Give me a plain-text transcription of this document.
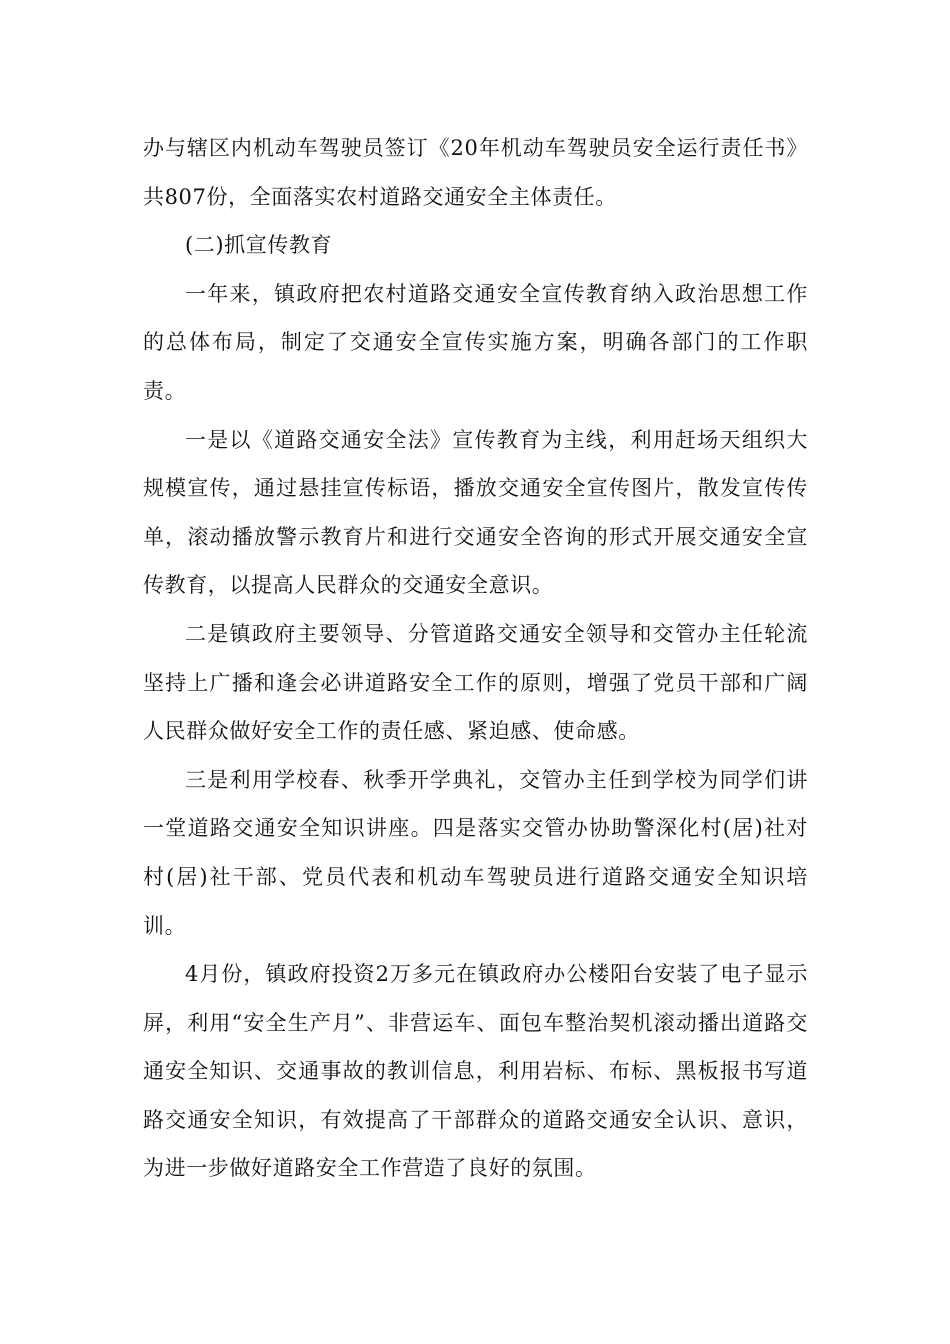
办与辖区内机动车驾驶员签订《20年机动车驾驶员安全运行责任书》共807份，全面落实农村道路交通安全主体责任。

(二)抓宣传教育

一年来，镇政府把农村道路交通安全宣传教育纳入政治思想工作的总体布局，制定了交通安全宣传实施方案，明确各部门的工作职责。

一是以《道路交通安全法》宣传教育为主线，利用赶场天组织大规模宣传，通过悬挂宣传标语，播放交通安全宣传图片，散发宣传传单，滚动播放警示教育片和进行交通安全咨询的形式开展交通安全宣传教育，以提高人民群众的交通安全意识。

二是镇政府主要领导、分管道路交通安全领导和交管办主任轮流坚持上广播和逢会必讲道路安全工作的原则，增强了党员干部和广阔人民群众做好安全工作的责任感、紧迫感、使命感。

三是利用学校春、秋季开学典礼，交管办主任到学校为同学们讲一堂道路交通安全知识讲座。四是落实交管办协助警深化村(居)社对村(居)社干部、党员代表和机动车驾驶员进行道路交通安全知识培训。

4月份，镇政府投资2万多元在镇政府办公楼阳台安装了电子显示屏，利用“安全生产月”、非营运车、面包车整治契机滚动播出道路交通安全知识、交通事故的教训信息，利用岩标、布标、黑板报书写道路交通安全知识，有效提高了干部群众的道路交通安全认识、意识，为进一步做好道路安全工作营造了良好的氛围。
